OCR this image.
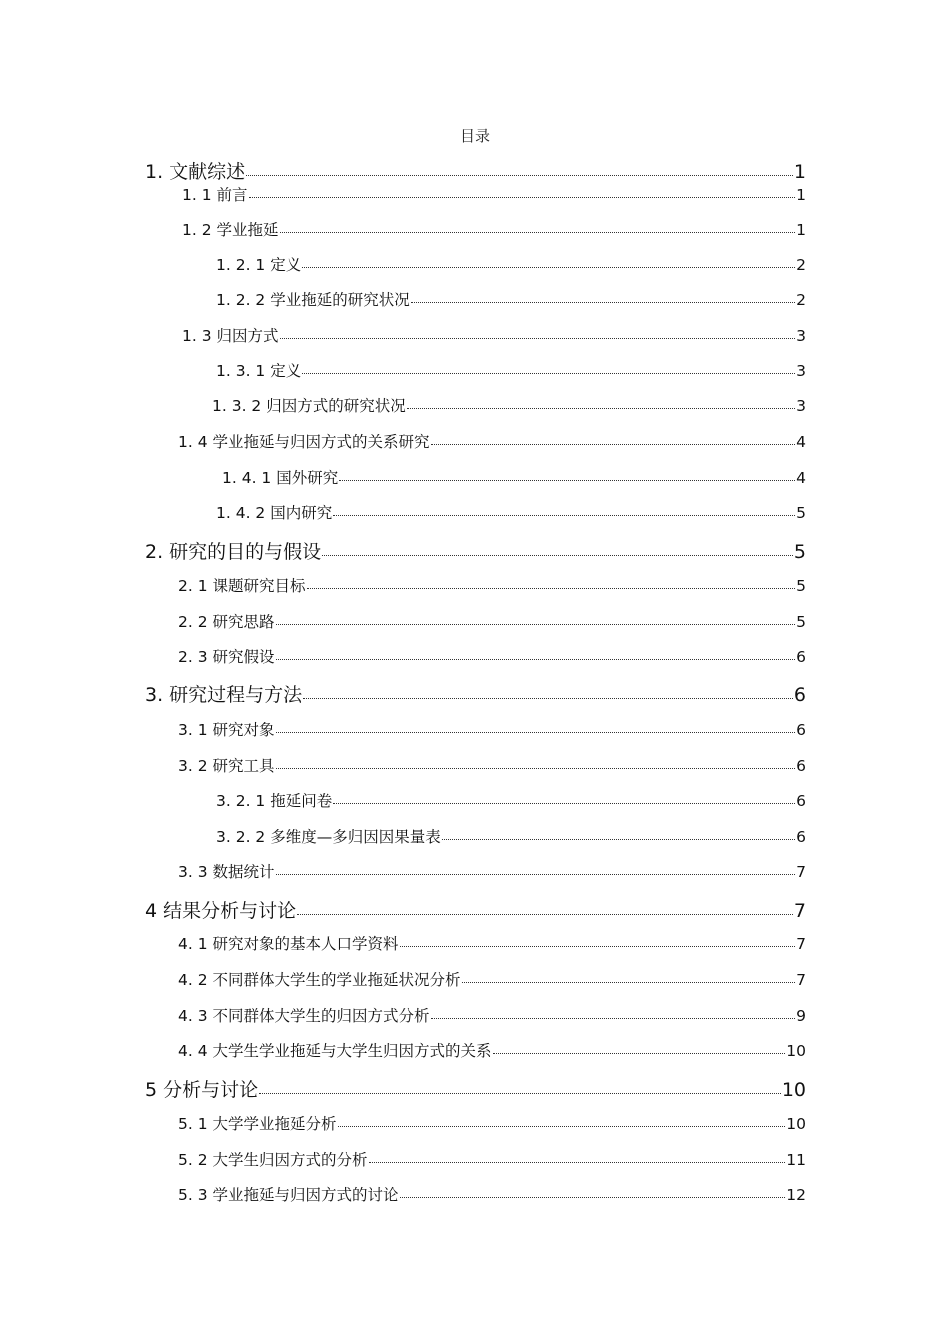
目录
1. 文献综述	1
1. 1 前言	1
1. 2 学业拖延	1
1. 2. 1 定义	2
1. 2. 2 学业拖延的研究状况	2
1. 3 归因方式	3
1. 3. 1 定义	3
1. 3. 2 归因方式的研究状况	3
1. 4 学业拖延与归因方式的关系研究	4
1. 4. 1 国外研究	4
1. 4. 2 国内研究	5
2. 研究的目的与假设	5
2. 1 课题研究目标	5
2. 2 研究思路	5
2. 3 研究假设	6
3. 研究过程与方法	6
3. 1 研究对象	6
3. 2 研究工具	6
3. 2. 1 拖延问卷	6
3. 2. 2 多维度—多归因因果量表	6
3. 3 数据统计	7
4 结果分析与讨论	7
4. 1 研究对象的基本人口学资料	7
4. 2 不同群体大学生的学业拖延状况分析	7
4. 3 不同群体大学生的归因方式分析	9
4. 4 大学生学业拖延与大学生归因方式的关系	10
5 分析与讨论	10
5. 1 大学学业拖延分析	10
5. 2 大学生归因方式的分析	11
5. 3 学业拖延与归因方式的讨论	12
